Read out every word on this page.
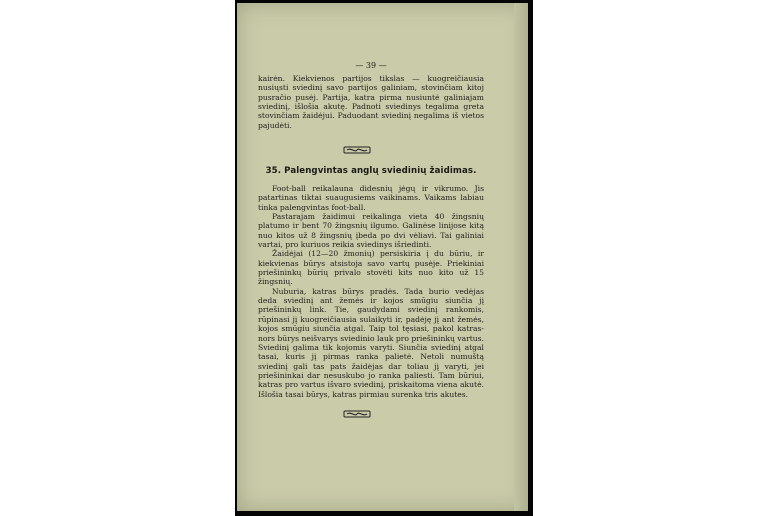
— 39 —

kairėn. Kiekvienos partijos tikslas — kuogreičiausia nusiųsti sviedinį savo partijos galiniam, stovinčiam kitoj pusračio pusėj. Partija, katra pirma nusiuntė galiniajam sviedinį, išlošia akutę. Padnoti sviedinys tegalima greta stovinčiam žaidėjui. Paduodant sviedinį negalima iš vietos pajudėti.

35. Palengvintas anglų sviedinių žaidimas.

Foot-ball reikalauna didesnių jėgų ir vikrumo. Jis patartinas tiktai suaugusiems vaikinams. Vaikams labiau tinka palengvintas foot-ball.

Pastarajam žaidimui reikalinga vieta 40 žingsnių platumo ir bent 70 žingsnių ilgumo. Galinėse linijose kitą nuo kitos už 8 žingsnių įbeda po dvi vėliavi. Tai galiniai vartai, pro kuriuos reikia sviedinys išriedinti.

Žaidėjai (12—20 žmonių) persiskiria į du būriu, ir kiekvienas būrys atsistoja savo vartų pusėje. Priekiniai priešininkų būrių privalo stovėti kits nuo kito už 15 žingsnių.

Nuburia, katras būrys pradės. Tada burio vedėjas deda sviedinį ant žemės ir kojos smūgiu siunčia jį priešininkų link. Tie, gaudydami sviedinį rankomis, rūpinasi jį kuogreičiausia sulaikyti ir, padėję jį ant žemės, kojos smūgiu siunčia atgal. Taip tol tęsiasi, pakol katras-nors būrys neišvarys sviedinio lauk pro priešininkų vartus. Sviedinį galima tik kojomis varyti. Siunčia sviedinį atgal tasai, kuris jį pirmas ranka palietė. Netoli numuštą sviedinį gali tas pats žaidėjas dar toliau jį varyti, jei priešininkai dar nesuskubo jo ranka paliesti. Tam būriui, katras pro vartus išvaro sviedinį, priskaitoma viena akutė. Išlošia tasai būrys, katras pirmiau surenka tris akutes.
